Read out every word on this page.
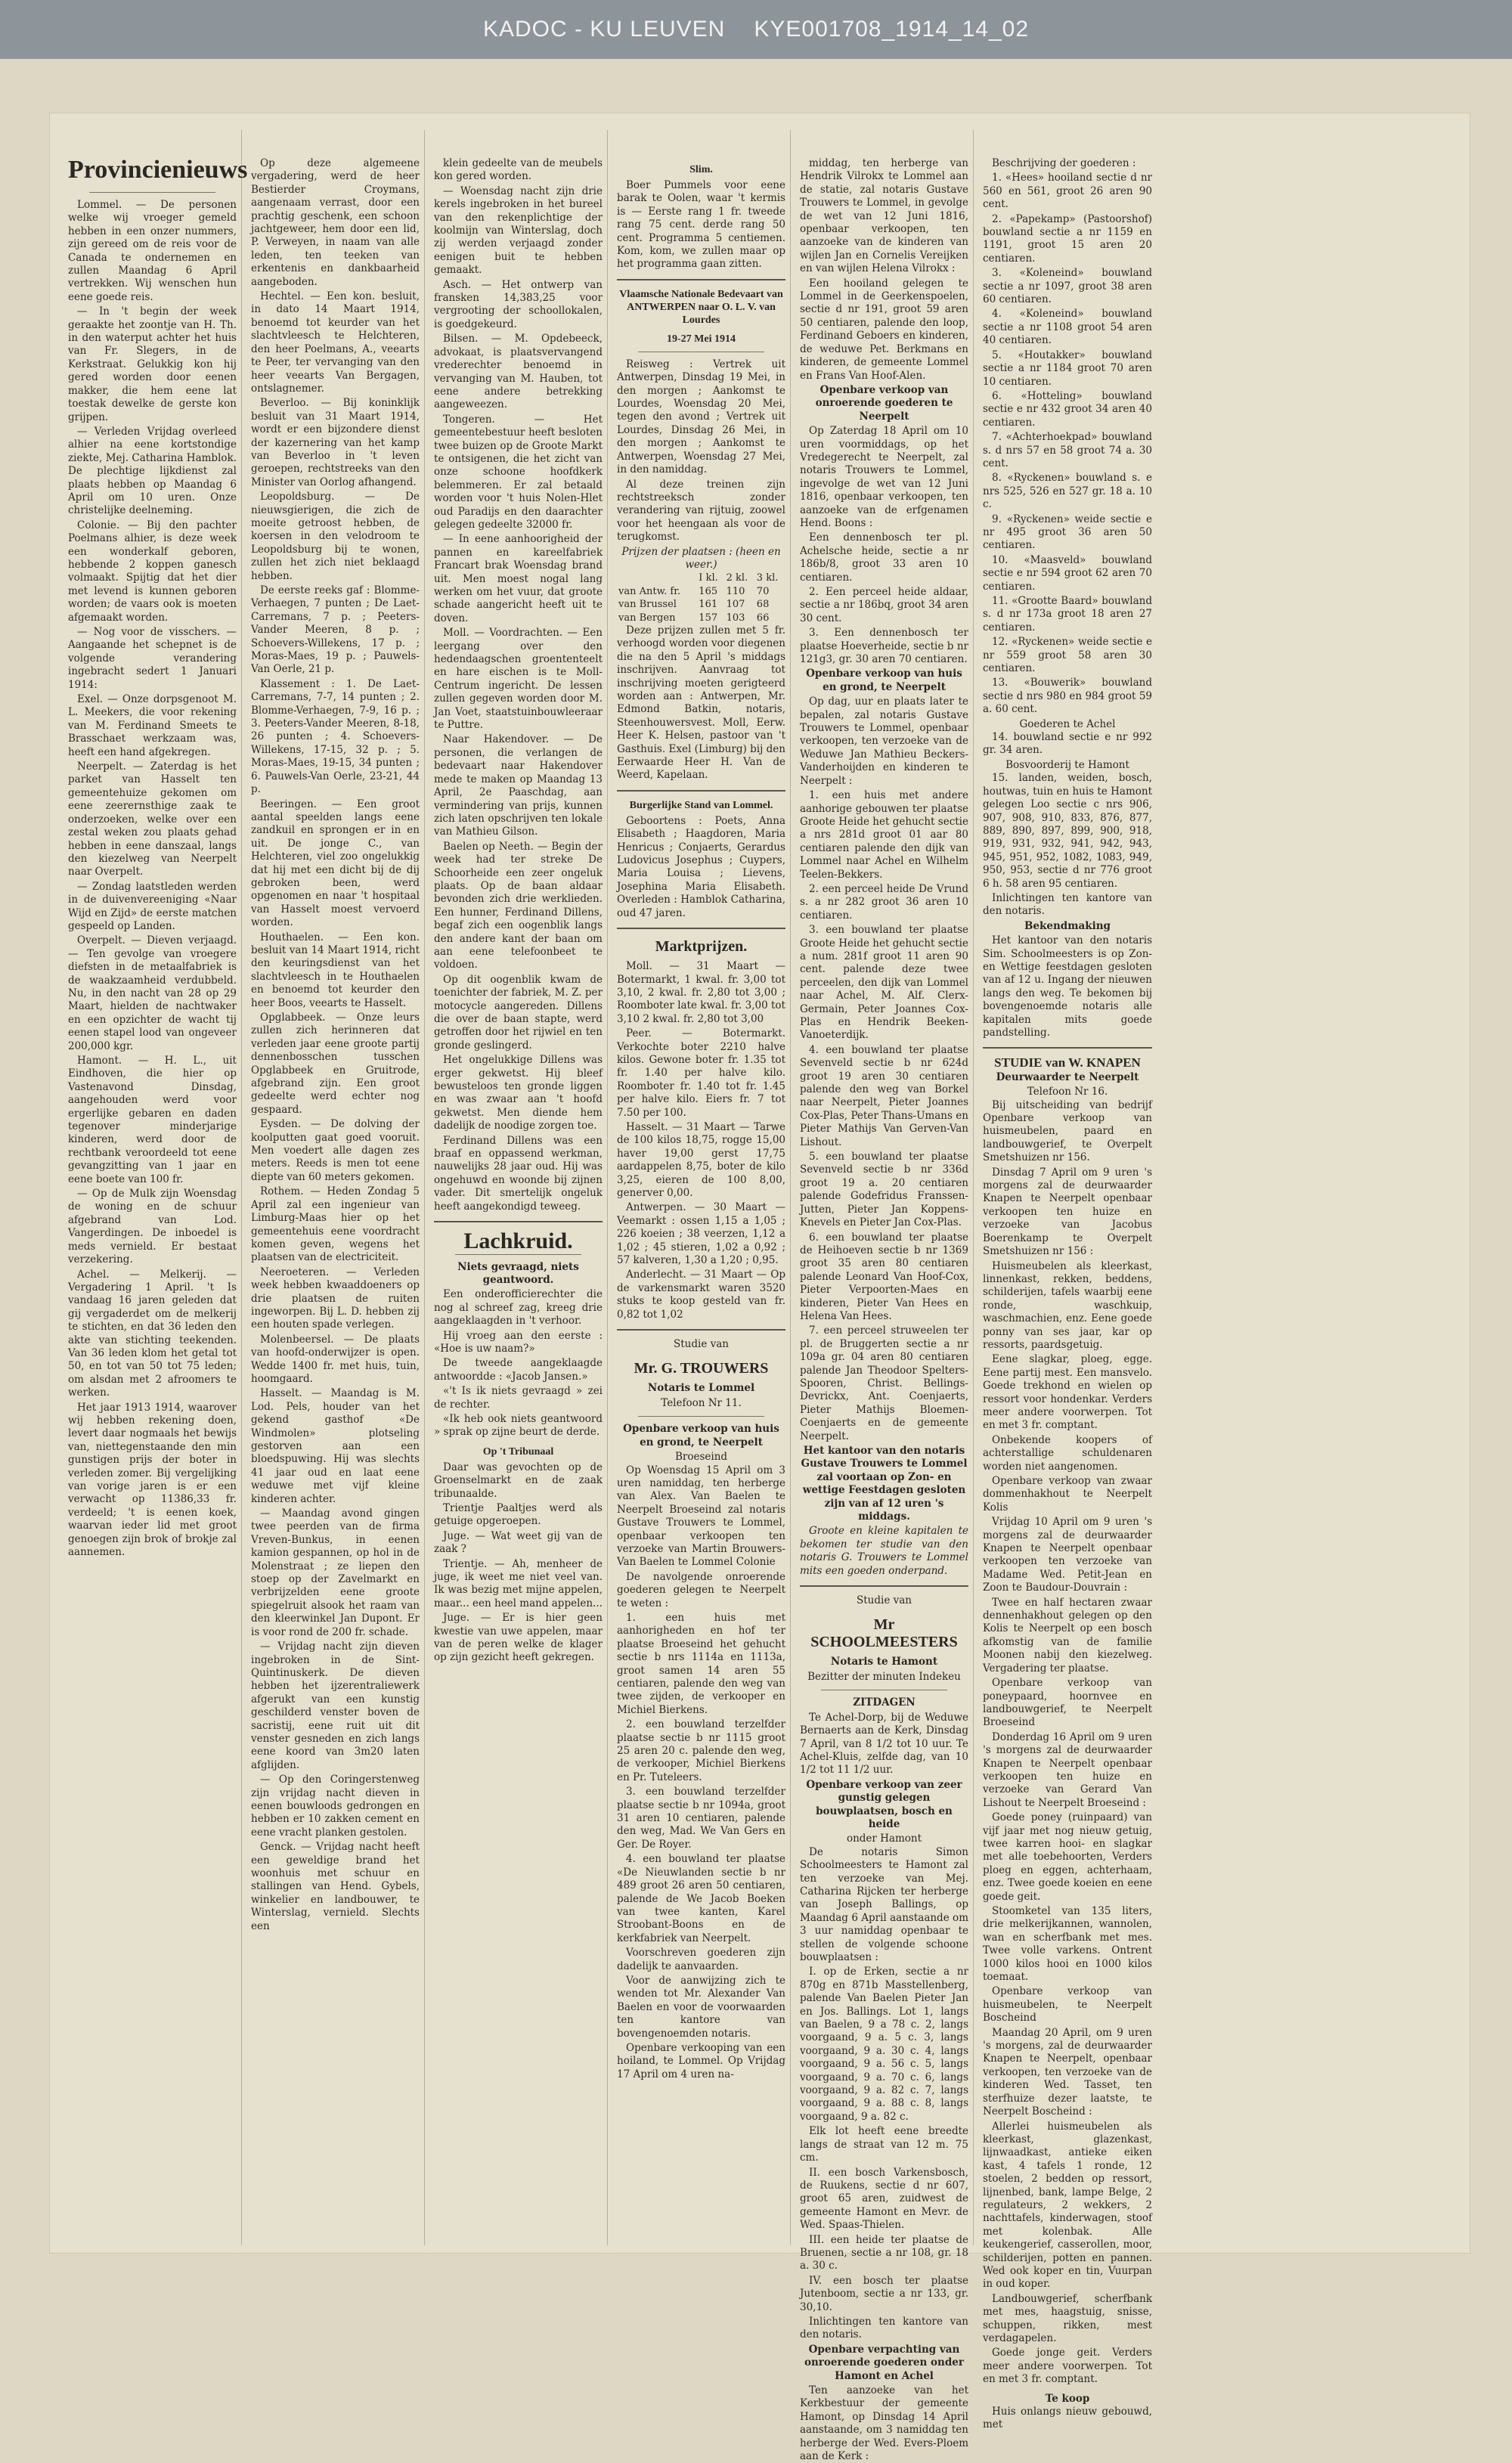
KADOC - KU LEUVEN KYE001708_1914_14_02
Provincienieuws

Lommel. — De personen welke wij vroeger gemeld hebben in een onzer nummers, zijn gereed om de reis voor de Canada te ondernemen en zullen Maandag 6 April vertrekken. Wij wenschen hun eene goede reis.

— In 't begin der week geraakte het zoontje van H. Th. in den waterput achter het huis van Fr. Slegers, in de Kerkstraat. Gelukkig kon hij gered worden door eenen makker, die hem eene lat toestak dewelke de gerste kon grijpen.

— Verleden Vrijdag overleed alhier na eene kortstondige ziekte, Mej. Catharina Hamblok. De plechtige lijkdienst zal plaats hebben op Maandag 6 April om 10 uren. Onze christelijke deelneming.

Colonie. — Bij den pachter Poelmans alhier, is deze week een wonderkalf geboren, hebbende 2 koppen ganesch volmaakt. Spijtig dat het dier met levend is kunnen geboren worden; de vaars ook is moeten afgemaakt worden.

— Nog voor de visschers. — Aangaande het schepnet is de volgende verandering ingebracht sedert 1 Januari 1914:

Exel. — Onze dorpsgenoot M. L. Meekers, die voor rekening van M. Ferdinand Smeets te Brasschaet werkzaam was, heeft een hand afgekregen.

Neerpelt. — Zaterdag is het parket van Hasselt ten gemeentehuize gekomen om eene zeerernsthige zaak te onderzoeken, welke over een zestal weken zou plaats gehad hebben in eene danszaal, langs den kiezelweg van Neerpelt naar Overpelt.

— Zondag laatstleden werden in de duivenvereeniging «Naar Wijd en Zijd» de eerste matchen gespeeld op Landen.

Overpelt. — Dieven verjaagd. — Ten gevolge van vroegere diefsten in de metaalfabriek is de waakzaamheid verdubbeld. Nu, in den nacht van 28 op 29 Maart, hielden de nachtwaker en een opzichter de wacht tij eenen stapel lood van ongeveer 200,000 kgr.

Hamont. — H. L., uit Eindhoven, die hier op Vastenavond Dinsdag, aangehouden werd voor ergerlijke gebaren en daden tegenover minderjarige kinderen, werd door de rechtbank veroordeeld tot eene gevangzitting van 1 jaar en eene boete van 100 fr.

— Op de Mulk zijn Woensdag de woning en de schuur afgebrand van Lod. Vangerdingen. De inboedel is meds vernield. Er bestaat verzekering.

Achel. — Melkerij. — Vergadering 1 April. 't Is vandaag 16 jaren geleden dat gij vergaderdet om de melkerij te stichten, en dat 36 leden den akte van stichting teekenden. Van 36 leden klom het getal tot 50, en tot van 50 tot 75 leden; om alsdan met 2 afroomers te werken.

Het jaar 1913 1914, waarover wij hebben rekening doen, levert daar nogmaals het bewijs van, niettegenstaande den min gunstigen prijs der boter in verleden zomer. Bij vergelijking van vorige jaren is er een verwacht op 11386,33 fr. verdeeld; 't is eenen koek, waarvan ieder lid met groot genoegen zijn brok of brokje zal aannemen.

Op deze algemeene vergadering, werd de heer Bestierder Croymans, aangenaam verrast, door een prachtig geschenk, een schoon jachtgeweer, hem door een lid, P. Verweyen, in naam van alle leden, ten teeken van erkentenis en dankbaarheid aangeboden.

Hechtel. — Een kon. besluit, in dato 14 Maart 1914, benoemd tot keurder van het slachtvleesch te Helchteren, den heer Poelmans, A., veearts te Peer, ter vervanging van den heer veearts Van Bergagen, ontslagnemer.

Beverloo. — Bij koninklijk besluit van 31 Maart 1914, wordt er een bijzondere dienst der kazernering van het kamp van Beverloo in 't leven geroepen, rechtstreeks van den Minister van Oorlog afhangend.

Leopoldsburg. — De nieuwsgierigen, die zich de moeite getroost hebben, de koersen in den velodroom te Leopoldsburg bij te wonen, zullen het zich niet beklaagd hebben.

De eerste reeks gaf : Blomme-Verhaegen, 7 punten ; De Laet-Carremans, 7 p. ; Peeters-Vander Meeren, 8 p. ; Schoevers-Willekens, 17 p. ; Moras-Maes, 19 p. ; Pauwels-Van Oerle, 21 p.

Klassement : 1. De Laet-Carremans, 7-7, 14 punten ; 2. Blomme-Verhaegen, 7-9, 16 p. ; 3. Peeters-Vander Meeren, 8-18, 26 punten ; 4. Schoevers-Willekens, 17-15, 32 p. ; 5. Moras-Maes, 19-15, 34 punten ; 6. Pauwels-Van Oerle, 23-21, 44 p.

Beeringen. — Een groot aantal speelden langs eene zandkuil en sprongen er in en uit. De jonge C., van Helchteren, viel zoo ongelukkig dat hij met een dicht bij de dij gebroken been, werd opgenomen en naar 't hospitaal van Hasselt moest vervoerd worden.

Houthaelen. — Een kon. besluit van 14 Maart 1914, richt den keuringsdienst van het slachtvleesch in te Houthaelen en benoemd tot keurder den heer Boos, veearts te Hasselt.

Opglabbeek. — Onze leurs zullen zich herinneren dat verleden jaar eene groote partij dennenbosschen tusschen Opglabbeek en Gruitrode, afgebrand zijn. Een groot gedeelte werd echter nog gespaard.

Eysden. — De dolving der koolputten gaat goed vooruit. Men voedert alle dagen zes meters. Reeds is men tot eene diepte van 60 meters gekomen.

Rothem. — Heden Zondag 5 April zal een ingenieur van Limburg-Maas hier op het gemeentehuis eene voordracht komen geven, wegens het plaatsen van de electriciteit.

Neeroeteren. — Verleden week hebben kwaaddoeners op drie plaatsen de ruiten ingeworpen. Bij L. D. hebben zij een houten spade verlegen.

Molenbeersel. — De plaats van hoofd-onderwijzer is open. Wedde 1400 fr. met huis, tuin, hoomgaard.

Hasselt. — Maandag is M. Lod. Pels, houder van het gekend gasthof «De Windmolen» plotseling gestorven aan een bloedspuwing. Hij was slechts 41 jaar oud en laat eene weduwe met vijf kleine kinderen achter.

— Maandag avond gingen twee peerden van de firma Vreven-Bunkus, in eenen kamion gespannen, op hol in de Molenstraat ; ze liepen den stoep op der Zavelmarkt en verbrijzelden eene groote spiegelruit alsook het raam van den kleerwinkel Jan Dupont. Er is voor rond de 200 fr. schade.

— Vrijdag nacht zijn dieven ingebroken in de Sint-Quintinuskerk. De dieven hebben het ijzerentraliewerk afgerukt van een kunstig geschilderd venster boven de sacristij, eene ruit uit dit venster gesneden en zich langs eene koord van 3m20 laten afglijden.

— Op den Coringerstenweg zijn vrijdag nacht dieven in eenen bouwloods gedrongen en hebben er 10 zakken cement en eene vracht planken gestolen.

Genck. — Vrijdag nacht heeft een geweldige brand het woonhuis met schuur en stallingen van Hend. Gybels, winkelier en landbouwer, te Winterslag, vernield. Slechts een

klein gedeelte van de meubels kon gered worden.

— Woensdag nacht zijn drie kerels ingebroken in het bureel van den rekenplichtige der koolmijn van Winterslag, doch zij werden verjaagd zonder eenigen buit te hebben gemaakt.

Asch. — Het ontwerp van fransken 14,383,25 voor vergrooting der schoollokalen, is goedgekeurd.

Bilsen. — M. Opdebeeck, advokaat, is plaatsvervangend vrederechter benoemd in vervanging van M. Hauben, tot eene andere betrekking aangeweezen.

Tongeren. — Het gemeentebestuur heeft besloten twee buizen op de Groote Markt te ontsigenen, die het zicht van onze schoone hoofdkerk belemmeren. Er zal betaald worden voor 't huis Nolen-Hlet oud Paradijs en den daarachter gelegen gedeelte 32000 fr.

— In eene aanhoorigheid der pannen en kareelfabriek Francart brak Woensdag brand uit. Men moest nogal lang werken om het vuur, dat groote schade aangericht heeft uit te doven.

Moll. — Voordrachten. — Een leergang over den hedendaagschen groententeelt en hare eischen is te Moll-Centrum ingericht. De lessen zullen gegeven worden door M. Jan Voet, staatstuinbouwleeraar te Puttre.

Naar Hakendover. — De personen, die verlangen de bedevaart naar Hakendover mede te maken op Maandag 13 April, 2e Paaschdag, aan vermindering van prijs, kunnen zich laten opschrijven ten lokale van Mathieu Gilson.

Baelen op Neeth. — Begin der week had ter streke De Schoorheide een zeer ongeluk plaats. Op de baan aldaar bevonden zich drie werklieden. Een hunner, Ferdinand Dillens, begaf zich een oogenblik langs den andere kant der baan om aan eene telefoonbeet te voldoen.

Op dit oogenblik kwam de toenichter der fabriek, M. Z. per motocycle aangereden. Dillens die over de baan stapte, werd getroffen door het rijwiel en ten gronde geslingerd.

Het ongelukkige Dillens was erger gekwetst. Hij bleef bewusteloos ten gronde liggen en was zwaar aan 't hoofd gekwetst. Men diende hem dadelijk de noodige zorgen toe.

Ferdinand Dillens was een braaf en oppassend werkman, nauwelijks 28 jaar oud. Hij was ongehuwd en woonde bij zijnen vader. Dit smertelijk ongeluk heeft aangekondigd teweeg.

Lachkruid.
Niets gevraagd, niets geantwoord.

Een onderofficierechter die nog al schreef zag, kreeg drie aangeklaagden in 't verhoor.

Hij vroeg aan den eerste : «Hoe is uw naam?»

De tweede aangeklaagde antwoordde : «Jacob Jansen.»

«'t Is ik niets gevraagd » zei de rechter.

«Ik heb ook niets geantwoord » sprak op zijne beurt de derde.

Op 't Tribunaal

Daar was gevochten op de Groenselmarkt en de zaak tribunaalde.

Trientje Paaltjes werd als getuige opgeroepen.

Juge. — Wat weet gij van de zaak ?

Trientje. — Ah, menheer de juge, ik weet me niet veel van. Ik was bezig met mijne appelen, maar... een heel mand appelen...

Juge. — Er is hier geen kwestie van uwe appelen, maar van de peren welke de klager op zijn gezicht heeft gekregen.

Slim.

Boer Pummels voor eene barak te Oolen, waar 't kermis is — Eerste rang 1 fr. tweede rang 75 cent. derde rang 50 cent. Programma 5 centiemen. Kom, kom, we zullen maar op het programma gaan zitten.

Vlaamsche Nationale Bedevaart van ANTWERPEN naar O. L. V. van Lourdes
19-27 Mei 1914

Reisweg : Vertrek uit Antwerpen, Dinsdag 19 Mei, in den morgen ; Aankomst te Lourdes, Woensdag 20 Mei, tegen den avond ; Vertrek uit Lourdes, Dinsdag 26 Mei, in den morgen ; Aankomst te Antwerpen, Woensdag 27 Mei, in den namiddag.

Al deze treinen zijn rechtstreeksch zonder verandering van rijtuig, zoowel voor het heengaan als voor de terugkomst.

Prijzen der plaatsen : (heen en weer.)
	I kl.	2 kl.	3 kl.
van Antw. fr.	165	110	70
van Brussel	161	107	68
van Bergen	157	103	66

Deze prijzen zullen met 5 fr. verhoogd worden voor diegenen die na den 5 April 's middags inschrijven. Aanvraag tot inschrijving moeten gerigteerd worden aan : Antwerpen, Mr. Edmond Batkin, notaris, Steenhouwersvest. Moll, Eerw. Heer K. Helsen, pastoor van 't Gasthuis. Exel (Limburg) bij den Eerwaarde Heer H. Van de Weerd, Kapelaan.

Burgerlijke Stand van Lommel.

Geboortens : Poets, Anna Elisabeth ; Haagdoren, Maria Henricus ; Conjaerts, Gerardus Ludovicus Josephus ; Cuypers, Maria Louisa ; Lievens, Josephina Maria Elisabeth. Overleden : Hamblok Catharina, oud 47 jaren.

Marktprijzen.

Moll. — 31 Maart — Botermarkt, 1 kwal. fr. 3,00 tot 3,10, 2 kwal. fr. 2,80 tot 3,00 ; Roomboter late kwal. fr. 3,00 tot 3,10 2 kwal. fr. 2,80 tot 3,00

Peer. — Botermarkt. Verkochte boter 2210 halve kilos. Gewone boter fr. 1.35 tot fr. 1.40 per halve kilo. Roomboter fr. 1.40 tot fr. 1.45 per halve kilo. Eiers fr. 7 tot 7.50 per 100.

Hasselt. — 31 Maart — Tarwe de 100 kilos 18,75, rogge 15,00 haver 19,00 gerst 17,75 aardappelen 8,75, boter de kilo 3,25, eieren de 100 8,00, generver 0,00.

Antwerpen. — 30 Maart — Veemarkt : ossen 1,15 a 1,05 ; 226 koeien ; 38 veerzen, 1,12 a 1,02 ; 45 stieren, 1,02 a 0,92 ; 57 kalveren, 1,30 a 1,20 ; 0,95.

Anderlecht. — 31 Maart — Op de varkensmarkt waren 3520 stuks te koop gesteld van fr. 0,82 tot 1,02

Studie van
Mr. G. TROUWERS
Notaris te Lommel
Telefoon Nr 11.
Openbare verkoop van huis en grond, te Neerpelt
Broeseind

Op Woensdag 15 April om 3 uren namiddag, ten herberge van Alex. Van Baelen te Neerpelt Broeseind zal notaris Gustave Trouwers te Lommel, openbaar verkoopen ten verzoeke van Martin Brouwers-Van Baelen te Lommel Colonie

De navolgende onroerende goederen gelegen te Neerpelt te weten :

1. een huis met aanhorigheden en hof ter plaatse Broeseind het gehucht sectie b nrs 1114a en 1113a, groot samen 14 aren 55 centiaren, palende den weg van twee zijden, de verkooper en Michiel Bierkens.

2. een bouwland terzelfder plaatse sectie b nr 1115 groot 25 aren 20 c. palende den weg, de verkooper, Michiel Bierkens en Pr. Tuteleers.

3. een bouwland terzelfder plaatse sectie b nr 1094a, groot 31 aren 10 centiaren, palende den weg, Mad. We Van Gers en Ger. De Royer.

4. een bouwland ter plaatse «De Nieuwlanden sectie b nr 489 groot 26 aren 50 centiaren, palende de We Jacob Boeken van twee kanten, Karel Stroobant-Boons en de kerkfabriek van Neerpelt.

Voorschreven goederen zijn dadelijk te aanvaarden.

Voor de aanwijzing zich te wenden tot Mr. Alexander Van Baelen en voor de voorwaarden ten kantore van bovengenoemden notaris.

Openbare verkooping van een hoiland, te Lommel. Op Vrijdag 17 April om 4 uren na-

middag, ten herberge van Hendrik Vilrokx te Lommel aan de statie, zal notaris Gustave Trouwers te Lommel, in gevolge de wet van 12 Juni 1816, openbaar verkoopen, ten aanzoeke van de kinderen van wijlen Jan en Cornelis Vereijken en van wijlen Helena Vilrokx :

Een hooiland gelegen te Lommel in de Geerkenspoelen, sectie d nr 191, groot 59 aren 50 centiaren, palende den loop, Ferdinand Geboers en kinderen, de weduwe Pet. Berkmans en kinderen, de gemeente Lommel en Frans Van Hoof-Alen.

Openbare verkoop van onroerende goederen te Neerpelt

Op Zaterdag 18 April om 10 uren voormiddags, op het Vredegerecht te Neerpelt, zal notaris Trouwers te Lommel, ingevolge de wet van 12 Juni 1816, openbaar verkoopen, ten aanzoeke van de erfgenamen Hend. Boons :

Een dennenbosch ter pl. Achelsche heide, sectie a nr 186b/8, groot 33 aren 10 centiaren.

2. Een perceel heide aldaar, sectie a nr 186bq, groot 34 aren 30 cent.

3. Een dennenbosch ter plaatse Hoeverheide, sectie b nr 121g3, gr. 30 aren 70 centiaren.

Openbare verkoop van huis en grond, te Neerpelt

Op dag, uur en plaats later te bepalen, zal notaris Gustave Trouwers te Lommel, openbaar verkoopen, ten verzoeke van de Weduwe Jan Mathieu Beckers-Vanderhoijden en kinderen te Neerpelt :

1. een huis met andere aanhorige gebouwen ter plaatse Groote Heide het gehucht sectie a nrs 281d groot 01 aar 80 centiaren palende den dijk van Lommel naar Achel en Wilhelm Teelen-Bekkers.

2. een perceel heide De Vrund s. a nr 282 groot 36 aren 10 centiaren.

3. een bouwland ter plaatse Groote Heide het gehucht sectie a num. 281f groot 11 aren 90 cent. palende deze twee perceelen, den dijk van Lommel naar Achel, M. Alf. Clerx-Germain, Peter Joannes Cox-Plas en Hendrik Beeken-Vanoeterdijk.

4. een bouwland ter plaatse Sevenveld sectie b nr 624d groot 19 aren 30 centiaren palende den weg van Borkel naar Neerpelt, Pieter Joannes Cox-Plas, Peter Thans-Umans en Pieter Mathijs Van Gerven-Van Lishout.

5. een bouwland ter plaatse Sevenveld sectie b nr 336d groot 19 a. 20 centiaren palende Godefridus Franssen-Jutten, Pieter Jan Koppens-Knevels en Pieter Jan Cox-Plas.

6. een bouwland ter plaatse de Heihoeven sectie b nr 1369 groot 35 aren 80 centiaren palende Leonard Van Hoof-Cox, Pieter Verpoorten-Maes en kinderen, Pieter Van Hees en Helena Van Hees.

7. een perceel struweelen ter pl. de Bruggerten sectie a nr 109a gr. 04 aren 80 centiaren palende Jan Theodoor Spelters-Spooren, Christ. Bellings-Devrickx, Ant. Coenjaerts, Pieter Mathijs Bloemen-Coenjaerts en de gemeente Neerpelt.

Het kantoor van den notaris Gustave Trouwers te Lommel zal voortaan op Zon- en wettige Feestdagen gesloten zijn van af 12 uren 's middags.

Groote en kleine kapitalen te bekomen ter studie van den notaris G. Trouwers te Lommel mits een goeden onderpand.

Studie van
Mr SCHOOLMEESTERS
Notaris te Hamont
Bezitter der minuten Indekeu
ZITDAGEN

Te Achel-Dorp, bij de Weduwe Bernaerts aan de Kerk, Dinsdag 7 April, van 8 1/2 tot 10 uur. Te Achel-Kluis, zelfde dag, van 10 1/2 tot 11 1/2 uur.

Openbare verkoop van zeer gunstig gelegen bouwplaatsen, bosch en heide
onder Hamont

De notaris Simon Schoolmeesters te Hamont zal ten verzoeke van Mej. Catharina Rijcken ter herberge van Joseph Ballings, op Maandag 6 April aanstaande om 3 uur namiddag openbaar te stellen de volgende schoone bouwplaatsen :

I. op de Erken, sectie a nr 870g en 871b Masstellenberg, palende Van Baelen Pieter Jan en Jos. Ballings. Lot 1, langs van Baelen, 9 a 78 c. 2, langs voorgaand, 9 a. 5 c. 3, langs voorgaand, 9 a. 30 c. 4, langs voorgaand, 9 a. 56 c. 5, langs voorgaand, 9 a. 70 c. 6, langs voorgaand, 9 a. 82 c. 7, langs voorgaand, 9 a. 88 c. 8, langs voorgaand, 9 a. 82 c.

Elk lot heeft eene breedte langs de straat van 12 m. 75 cm.

II. een bosch Varkensbosch, de Ruukens, sectie d nr 607, groot 65 aren, zuidwest de gemeente Hamont en Mevr. de Wed. Spaas-Thielen.

III. een heide ter plaatse de Bruenen, sectie a nr 108, gr. 18 a. 30 c.

IV. een bosch ter plaatse Jutenboom, sectie a nr 133, gr. 30,10.

Inlichtingen ten kantore van den notaris.

Openbare verpachting van onroerende goederen onder Hamont en Achel

Ten aanzoeke van het Kerkbestuur der gemeente Hamont, op Dinsdag 14 April aanstaande, om 3 namiddag ten herberge der Wed. Evers-Ploem aan de Kerk :

Beschrijving der goederen :

1. «Hees» hooiland sectie d nr 560 en 561, groot 26 aren 90 cent.

2. «Papekamp» (Pastoorshof) bouwland sectie a nr 1159 en 1191, groot 15 aren 20 centiaren.

3. «Koleneind» bouwland sectie a nr 1097, groot 38 aren 60 centiaren.

4. «Koleneind» bouwland sectie a nr 1108 groot 54 aren 40 centiaren.

5. «Houtakker» bouwland sectie a nr 1184 groot 70 aren 10 centiaren.

6. «Hotteling» bouwland sectie e nr 432 groot 34 aren 40 centiaren.

7. «Achterhoekpad» bouwland s. d nrs 57 en 58 groot 74 a. 30 cent.

8. «Ryckenen» bouwland s. e nrs 525, 526 en 527 gr. 18 a. 10 c.

9. «Ryckenen» weide sectie e nr 495 groot 36 aren 50 centiaren.

10. «Maasveld» bouwland sectie e nr 594 groot 62 aren 70 centiaren.

11. «Grootte Baard» bouwland s. d nr 173a groot 18 aren 27 centiaren.

12. «Ryckenen» weide sectie e nr 559 groot 58 aren 30 centiaren.

13. «Bouwerik» bouwland sectie d nrs 980 en 984 groot 59 a. 60 cent.

Goederen te Achel

14. bouwland sectie e nr 992 gr. 34 aren.

Bosvoorderij te Hamont

15. landen, weiden, bosch, houtwas, tuin en huis te Hamont gelegen Loo sectie c nrs 906, 907, 908, 910, 833, 876, 877, 889, 890, 897, 899, 900, 918, 919, 931, 932, 941, 942, 943, 945, 951, 952, 1082, 1083, 949, 950, 953, sectie d nr 776 groot 6 h. 58 aren 95 centiaren.

Inlichtingen ten kantore van den notaris.

Bekendmaking

Het kantoor van den notaris Sim. Schoolmeesters is op Zon- en Wettige feestdagen gesloten van af 12 u. Ingang der nieuwen langs den weg. Te bekomen bij bovengenoemde notaris alle kapitalen mits goede pandstelling.

STUDIE van W. KNAPEN
Deurwaarder te Neerpelt
Telefoon Nr 16.

Bij uitscheiding van bedrijf Openbare verkoop van huismeubelen, paard en landbouwgerief, te Overpelt Smetshuizen nr 156.

Dinsdag 7 April om 9 uren 's morgens zal de deurwaarder Knapen te Neerpelt openbaar verkoopen ten huize en verzoeke van Jacobus Boerenkamp te Overpelt Smetshuizen nr 156 :

Huismeubelen als kleerkast, linnenkast, rekken, beddens, schilderijen, tafels waarbij eene ronde, waschkuip, waschmachien, enz. Eene goede ponny van ses jaar, kar op ressorts, paardsgetuig.

Eene slagkar, ploeg, egge. Eene partij mest. Een mansvelo. Goede trekhond en wielen op ressort voor hondenkar. Verders meer andere voorwerpen. Tot en met 3 fr. comptant.

Onbekende koopers of achterstallige schuldenaren worden niet aangenomen.

Openbare verkoop van zwaar dommenhakhout te Neerpelt Kolis

Vrijdag 10 April om 9 uren 's morgens zal de deurwaarder Knapen te Neerpelt openbaar verkoopen ten verzoeke van Madame Wed. Petit-Jean en Zoon te Baudour-Douvrain :

Twee en half hectaren zwaar dennenhakhout gelegen op den Kolis te Neerpelt op een bosch afkomstig van de familie Moonen nabij den kiezelweg. Vergadering ter plaatse.

Openbare verkoop van poneypaard, hoornvee en landbouwgerief, te Neerpelt Broeseind

Donderdag 16 April om 9 uren 's morgens zal de deurwaarder Knapen te Neerpelt openbaar verkoopen ten huize en verzoeke van Gerard Van Lishout te Neerpelt Broeseind :

Goede poney (ruinpaard) van vijf jaar met nog nieuw getuig, twee karren hooi- en slagkar met alle toebehoorten, Verders ploeg en eggen, achterhaam, enz. Twee goede koeien en eene goede geit.

Stoomketel van 135 liters, drie melkerijkannen, wannolen, wan en scherfbank met mes. Twee volle varkens. Ontrent 1000 kilos hooi en 1000 kilos toemaat.

Openbare verkoop van huismeubelen, te Neerpelt Boscheind

Maandag 20 April, om 9 uren 's morgens, zal de deurwaarder Knapen te Neerpelt, openbaar verkoopen, ten verzoeke van de kinderen Wed. Tasset, ten sterfhuize dezer laatste, te Neerpelt Boscheind :

Allerlei huismeubelen als kleerkast, glazenkast, lijnwaadkast, antieke eiken kast, 4 tafels 1 ronde, 12 stoelen, 2 bedden op ressort, lijnenbed, bank, lampe Belge, 2 regulateurs, 2 wekkers, 2 nachttafels, kinderwagen, stoof met kolenbak. Alle keukengerief, casserollen, moor, schilderijen, potten en pannen. Wed ook koper en tin, Vuurpan in oud koper.

Landbouwgerief, scherfbank met mes, haagstuig, snisse, schuppen, rikken, mest verdagapelen.

Goede jonge geit. Verders meer andere voorwerpen. Tot en met 3 fr. comptant.

Te koop

Huis onlangs nieuw gebouwd, met
